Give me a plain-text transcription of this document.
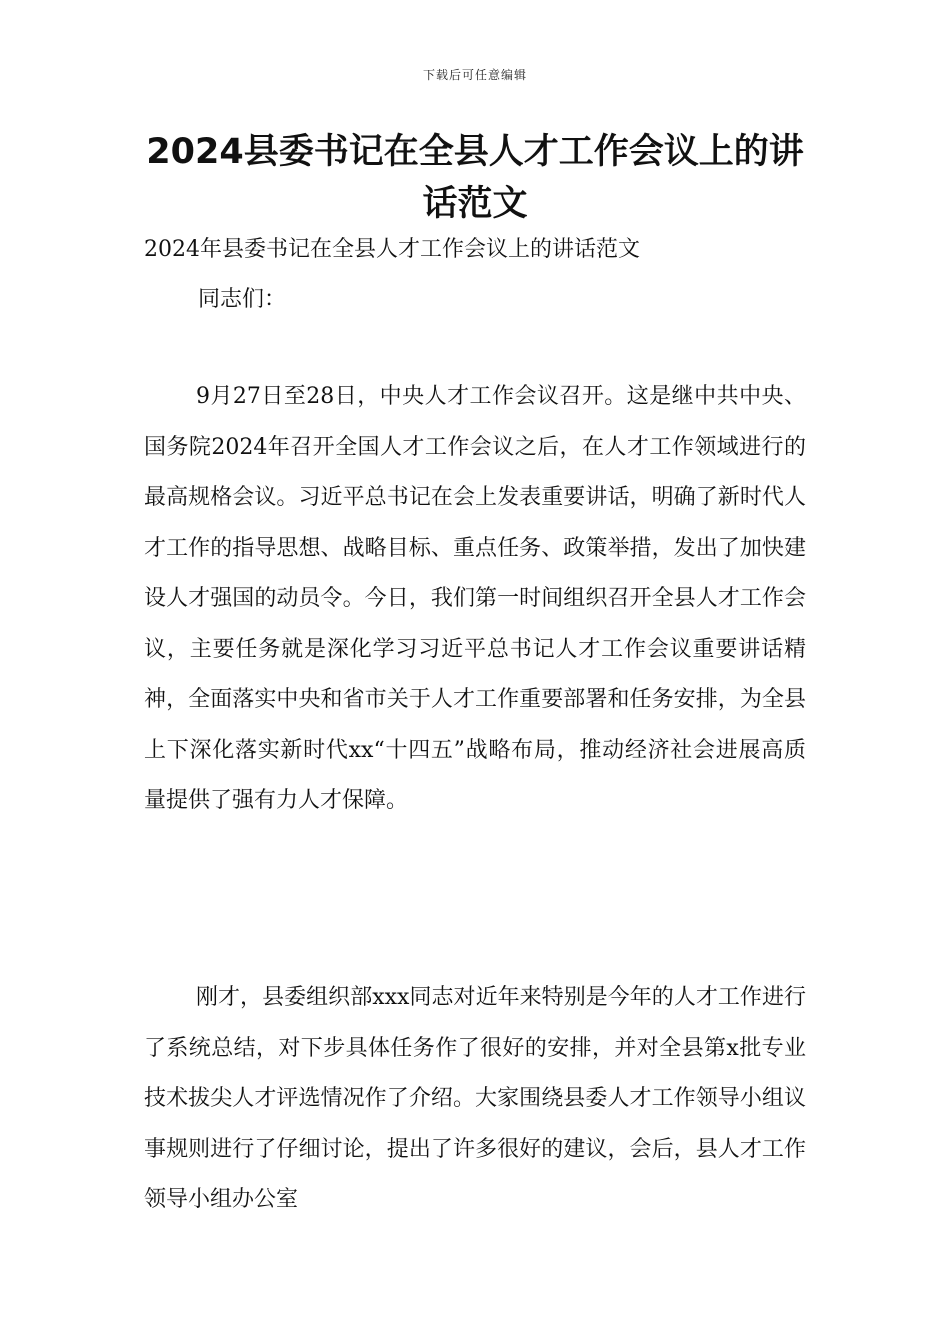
下载后可任意编辑
2024县委书记在全县人才工作会议上的讲话范文
2024年县委书记在全县人才工作会议上的讲话范文
同志们：

9月27日至28日，中央人才工作会议召开。这是继中共中央、国务院2024年召开全国人才工作会议之后，在人才工作领域进行的最高规格会议。习近平总书记在会上发表重要讲话，明确了新时代人才工作的指导思想、战略目标、重点任务、政策举措，发出了加快建设人才强国的动员令。今日，我们第一时间组织召开全县人才工作会议，主要任务就是深化学习习近平总书记人才工作会议重要讲话精神，全面落实中央和省市关于人才工作重要部署和任务安排，为全县上下深化落实新时代xx“十四五”战略布局，推动经济社会进展高质量提供了强有力人才保障。

刚才，县委组织部xxx同志对近年来特别是今年的人才工作进行了系统总结，对下步具体任务作了很好的安排，并对全县第x批专业技术拔尖人才评选情况作了介绍。大家围绕县委人才工作领导小组议事规则进行了仔细讨论，提出了许多很好的建议，会后，县人才工作领导小组办公室
